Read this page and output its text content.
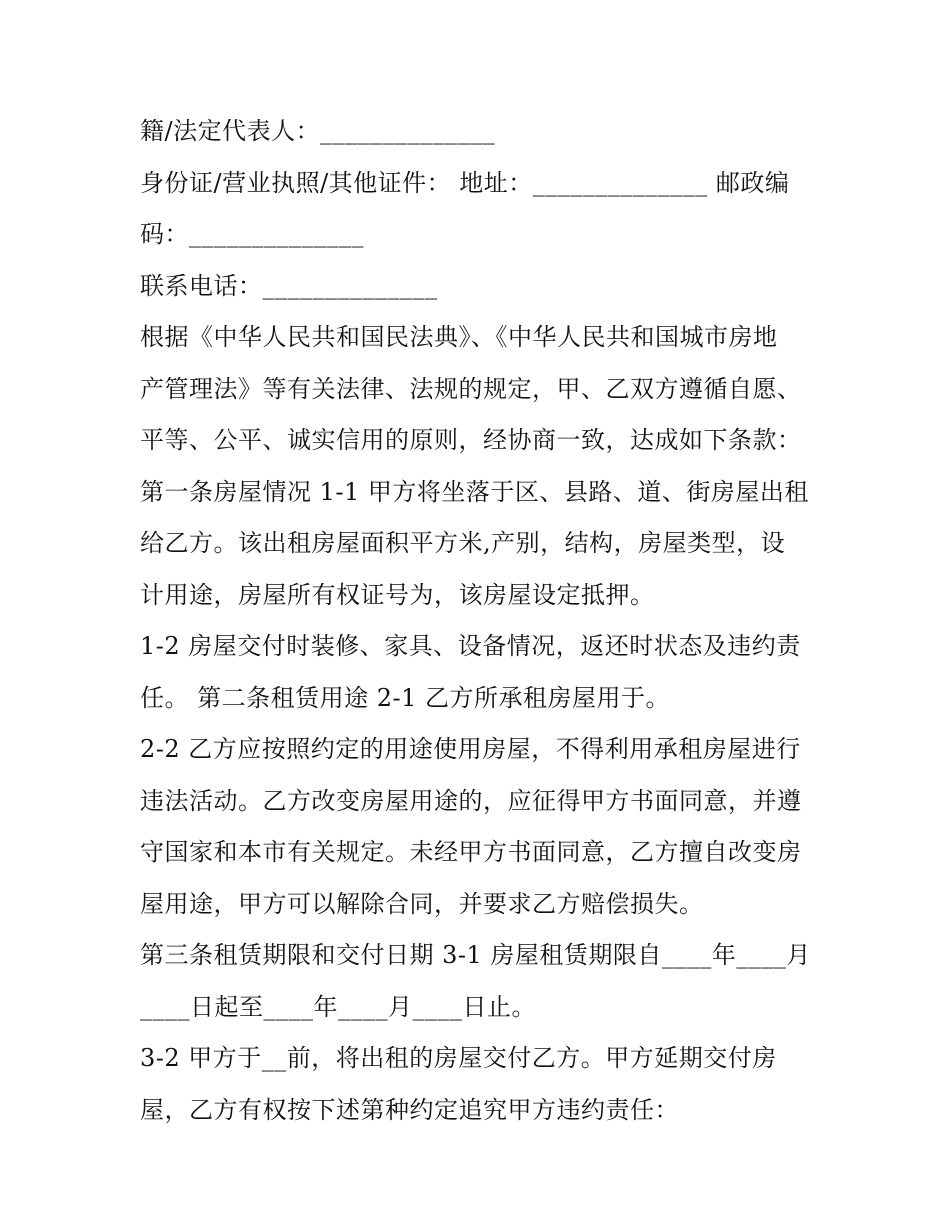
籍/法定代表人：______________

身份证/营业执照/其他证件： 地址：______________ 邮政编

码：______________

联系电话：______________

根据《中华人民共和国民法典》、《中华人民共和国城市房地

产管理法》等有关法律、法规的规定，甲、乙双方遵循自愿、

平等、公平、诚实信用的原则，经协商一致，达成如下条款：

第一条房屋情况 1-1 甲方将坐落于区、县路、道、街房屋出租

给乙方。该出租房屋面积平方米,产别，结构，房屋类型，设

计用途，房屋所有权证号为，该房屋设定抵押。

1-2 房屋交付时装修、家具、设备情况，返还时状态及违约责

任。 第二条租赁用途 2-1 乙方所承租房屋用于。

2-2 乙方应按照约定的用途使用房屋，不得利用承租房屋进行

违法活动。乙方改变房屋用途的，应征得甲方书面同意，并遵

守国家和本市有关规定。未经甲方书面同意，乙方擅自改变房

屋用途，甲方可以解除合同，并要求乙方赔偿损失。

第三条租赁期限和交付日期 3-1 房屋租赁期限自____年____月

____日起至____年____月____日止。

3-2 甲方于__前，将出租的房屋交付乙方。甲方延期交付房

屋，乙方有权按下述第种约定追究甲方违约责任：
